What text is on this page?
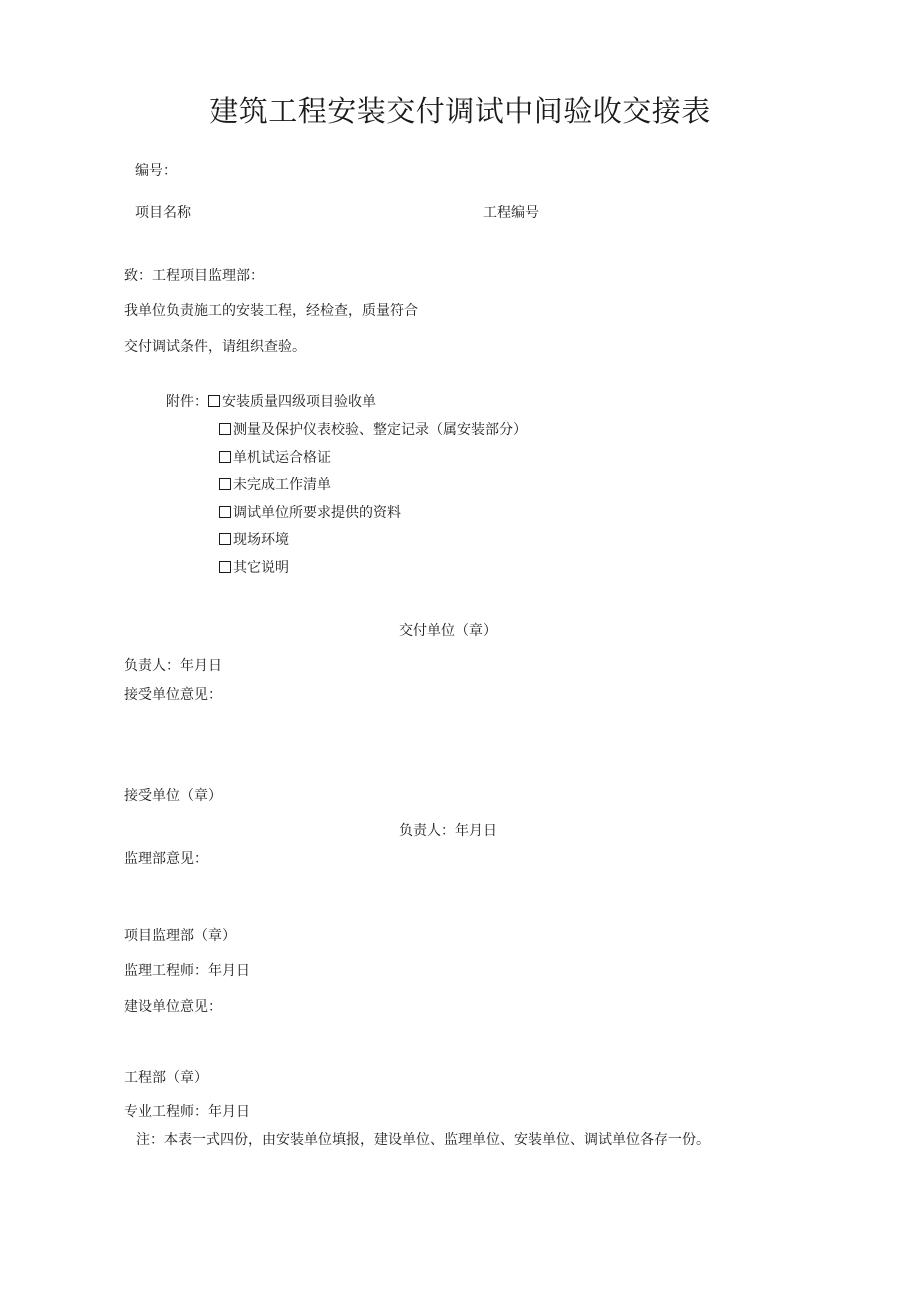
建筑工程安装交付调试中间验收交接表
编号：
项目名称	工程编号
致：工程项目监理部：
我单位负责施工的安装工程，经检查，质量符合
交付调试条件，请组织查验。
附件： 安装质量四级项目验收单
测量及保护仪表校验、整定记录（属安装部分）
单机试运合格证
未完成工作清单
调试单位所要求提供的资料
现场环境
其它说明
交付单位（章）
负责人：年月日
接受单位意见：
接受单位（章）
负责人：年月日
监理部意见：
项目监理部（章）
监理工程师：年月日
建设单位意见：
工程部（章）
专业工程师：年月日
注：本表一式四份，由安装单位填报，建设单位、监理单位、安装单位、调试单位各存一份。
